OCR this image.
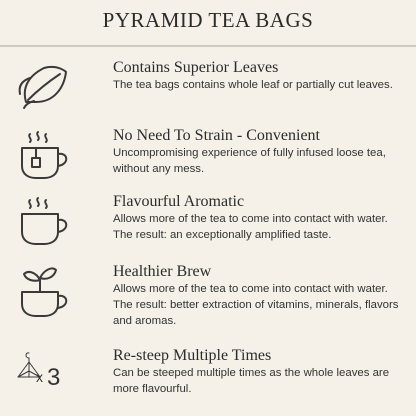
PYRAMID TEA BAGS
Contains Superior Leaves

The tea bags contains whole leaf or partially cut leaves.

No Need To Strain - Convenient

Uncompromising experience of fully infused loose tea, without any mess.

Flavourful Aromatic

Allows more of the tea to come into contact with water. The result: an exceptionally amplified taste.

Healthier Brew

Allows more of the tea to come into contact with water. The result: better extraction of vitamins, minerals, flavors and aromas.

x 3
Re-steep Multiple Times

Can be steeped multiple times as the whole leaves are more flavourful.
